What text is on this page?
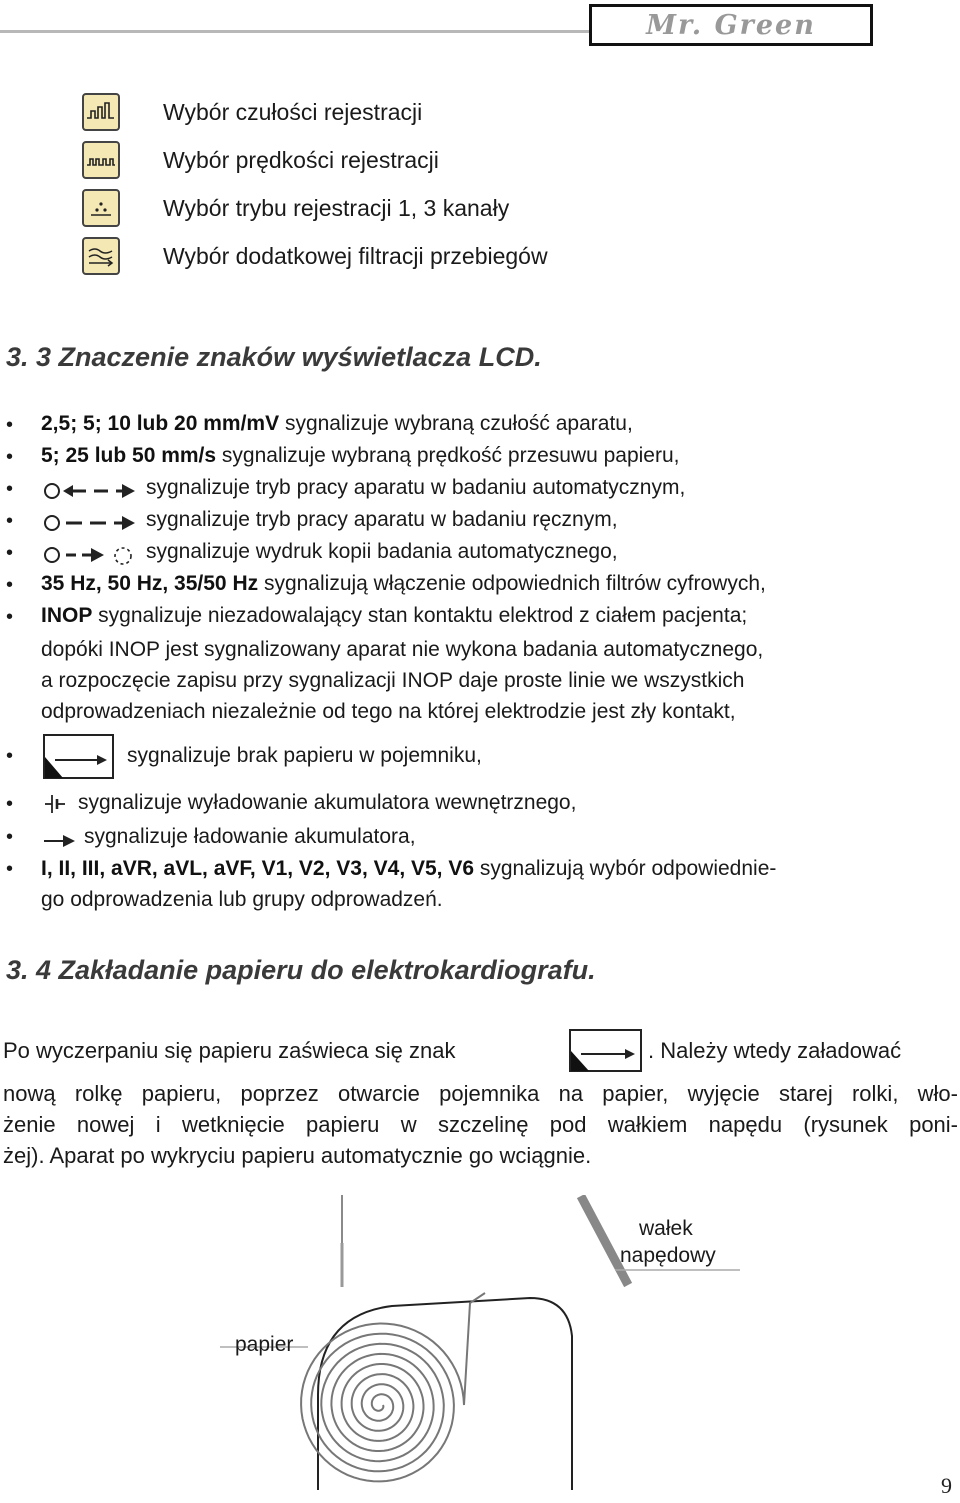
Mr. Green
Wybór czułości rejestracji
Wybór prędkości rejestracji
Wybór trybu rejestracji 1, 3 kanały
Wybór dodatkowej filtracji przebiegów
3. 3 Znaczenie znaków wyświetlacza LCD.
• 2,5; 5; 10 lub 20 mm/mV sygnalizuje wybraną czułość aparatu,
• 5; 25 lub 50 mm/s sygnalizuje wybraną prędkość przesuwu papieru,
•	sygnalizuje tryb pracy aparatu w badaniu automatycznym,
•	sygnalizuje tryb pracy aparatu w badaniu ręcznym,
•	sygnalizuje wydruk kopii badania automatycznego,
• 35 Hz, 50 Hz, 35/50 Hz sygnalizują włączenie odpowiednich filtrów cyfrowych,
• INOP sygnalizuje niezadowalający stan kontaktu elektrod z ciałem pacjenta;
dopóki INOP jest sygnalizowany aparat nie wykona badania automatycznego,
a rozpoczęcie zapisu przy sygnalizacji INOP daje proste linie we wszystkich
odprowadzeniach niezależnie od tego na której elektrodzie jest zły kontakt,
•	sygnalizuje brak papieru w pojemniku,
•	sygnalizuje wyładowanie akumulatora wewnętrznego,
•	sygnalizuje ładowanie akumulatora,
• I, II, III, aVR, aVL, aVF, V1, V2, V3, V4, V5, V6 sygnalizują wybór odpowiednie-
go odprowadzenia lub grupy odprowadzeń.
3. 4 Zakładanie papieru do elektrokardiografu.
Po wyczerpaniu się papieru zaświeca się znak	. Należy wtedy załadować
nową rolkę papieru, poprzez otwarcie pojemnika na papier, wyjęcie starej rolki, wło-
żenie nowej i wetknięcie papieru w szczelinę pod wałkiem napędu (rysunek poni-
żej). Aparat po wykryciu papieru automatycznie go wciągnie.
wałek
napędowy
papier
9
